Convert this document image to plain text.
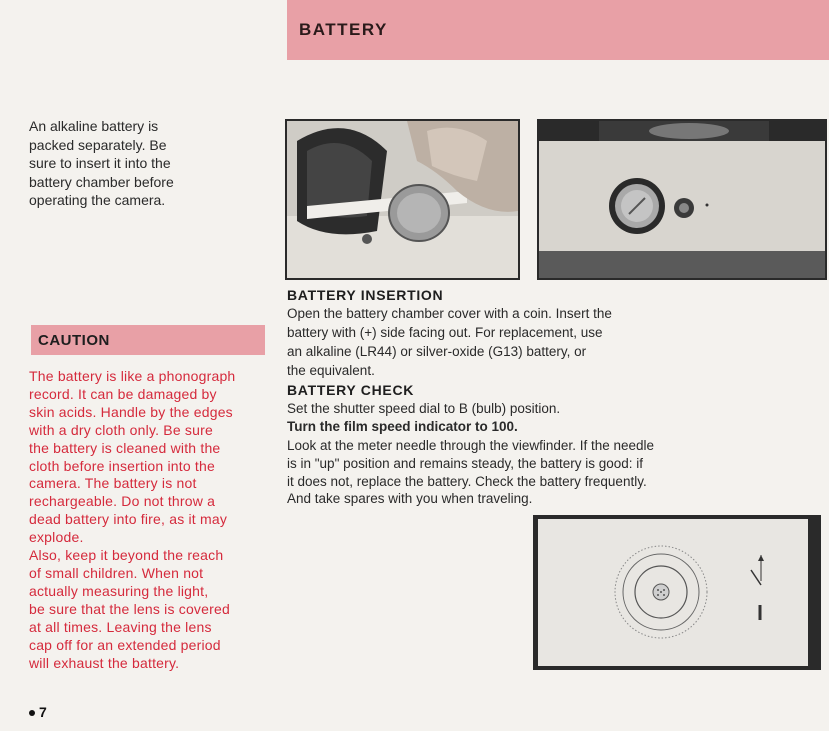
BATTERY
An alkaline battery is
packed separately. Be
sure to insert it into the
battery chamber before
operating the camera.
CAUTION
The battery is like a phonograph
record. It can be damaged by
skin acids. Handle by the edges
with a dry cloth only. Be sure
the battery is cleaned with the
cloth before insertion into the
camera. The battery is not
rechargeable. Do not throw a
dead battery into fire, as it may
explode.
Also, keep it beyond the reach
of small children. When not
actually measuring the light,
be sure that the lens is covered
at all times. Leaving the lens
cap off for an extended period
will exhaust the battery.
BATTERY INSERTION
Open the battery chamber cover with a coin. Insert the
battery with (+) side facing out. For replacement, use
an alkaline (LR44) or silver-oxide (G13) battery, or
the equivalent.
BATTERY CHECK
Set the shutter speed dial to B (bulb) position.
Turn the film speed indicator to 100.
Look at the meter needle through the viewfinder. If the needle
is in "up" position and remains steady, the battery is good: if
it does not, replace the battery. Check the battery frequently.
And take spares with you when traveling.
7
